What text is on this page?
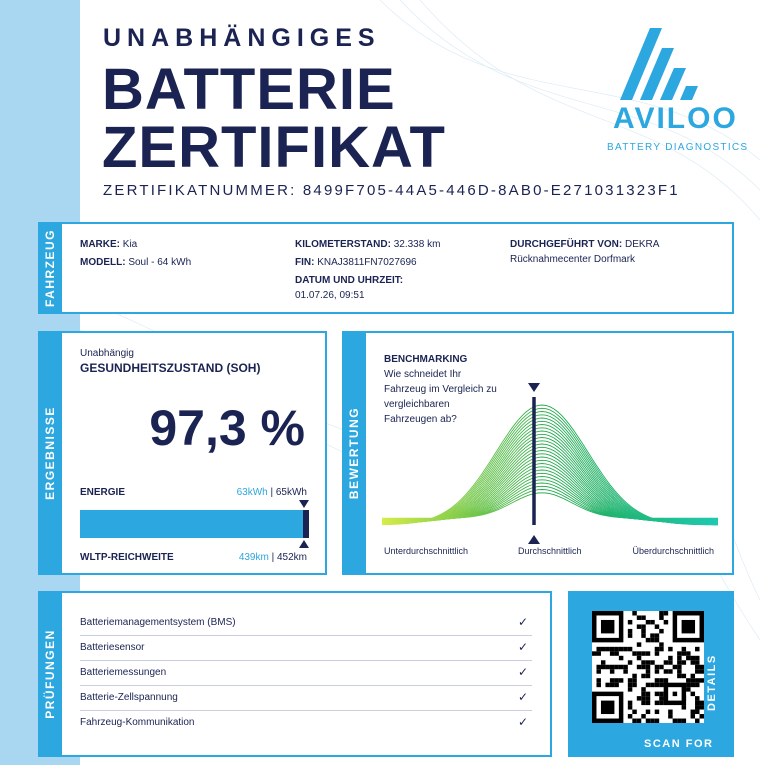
UNABHÄNGIGES
BATTERIE
ZERTIFIKAT
ZERTIFIKATNUMMER: 8499F705-44A5-446D-8AB0-E271031323F1
AVILOO
BATTERY DIAGNOSTICS
FAHRZEUG MARKE: Kia
MODELL: Soul - 64 kWh
KILOMETERSTAND: 32.338 km
FIN: KNAJ3811FN7027696
DATUM UND UHRZEIT:
01.07.26, 09:51
DURCHGEFÜHRT VON: DEKRA
Rücknahmecenter Dorfmark
ERGEBNISSE
Unabhängig
GESUNDHEITSZUSTAND (SOH)
97,3 %
ENERGIE	63kWh | 65kWh
WLTP-REICHWEITE	439km | 452km
BEWERTUNG
BENCHMARKING
Wie schneidet Ihr
Fahrzeug im Vergleich zu
vergleichbaren
Fahrzeugen ab?
Unterdurchschnittlich	Durchschnittlich	Überdurchschnittlich
PRÜFUNGEN
Batteriemanagementsystem (BMS)	✓
Batteriesensor	✓
Batteriemessungen	✓
Batterie-Zellspannung	✓
Fahrzeug-Kommunikation	✓
SCAN FOR
DETAILS
